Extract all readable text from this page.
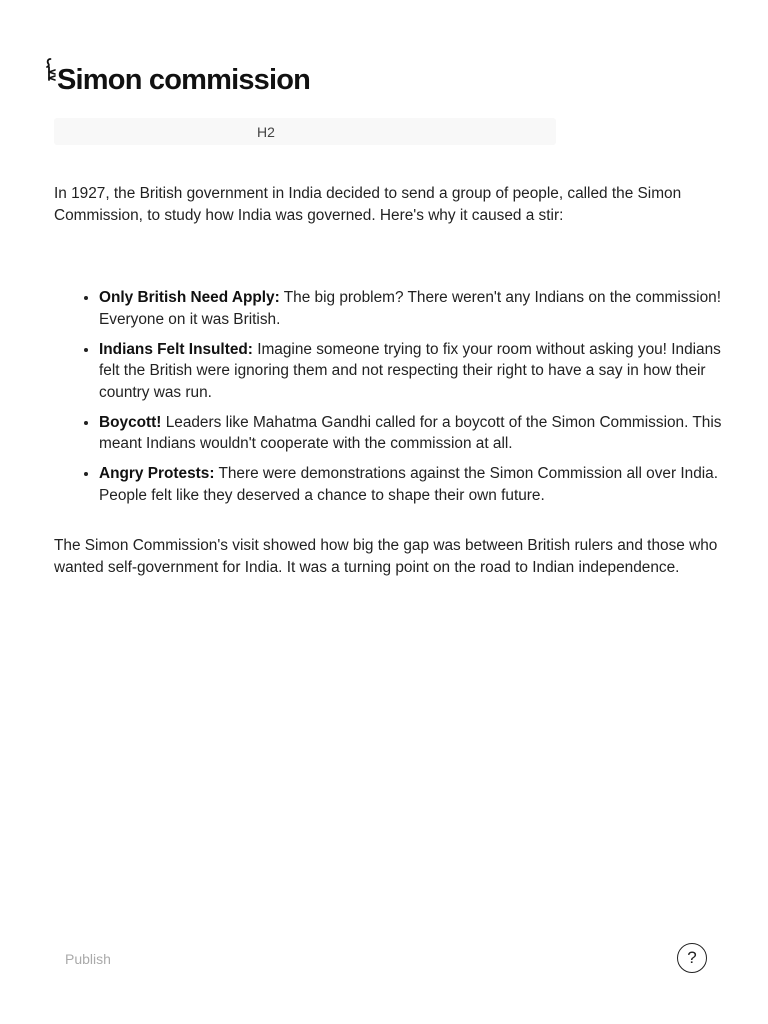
Simon commission
H2

In 1927, the British government in India decided to send a group of people, called the Simon Commission, to study how India was governed. Here's why it caused a stir:

• Only British Need Apply: The big problem? There weren't any Indians on the commission! Everyone on it was British.
• Indians Felt Insulted: Imagine someone trying to fix your room without asking you! Indians felt the British were ignoring them and not respecting their right to have a say in how their country was run.
• Boycott! Leaders like Mahatma Gandhi called for a boycott of the Simon Commission. This meant Indians wouldn't cooperate with the commission at all.
• Angry Protests: There were demonstrations against the Simon Commission all over India. People felt like they deserved a chance to shape their own future.

The Simon Commission's visit showed how big the gap was between British rulers and those who wanted self-government for India. It was a turning point on the road to Indian independence.

Publish	?
